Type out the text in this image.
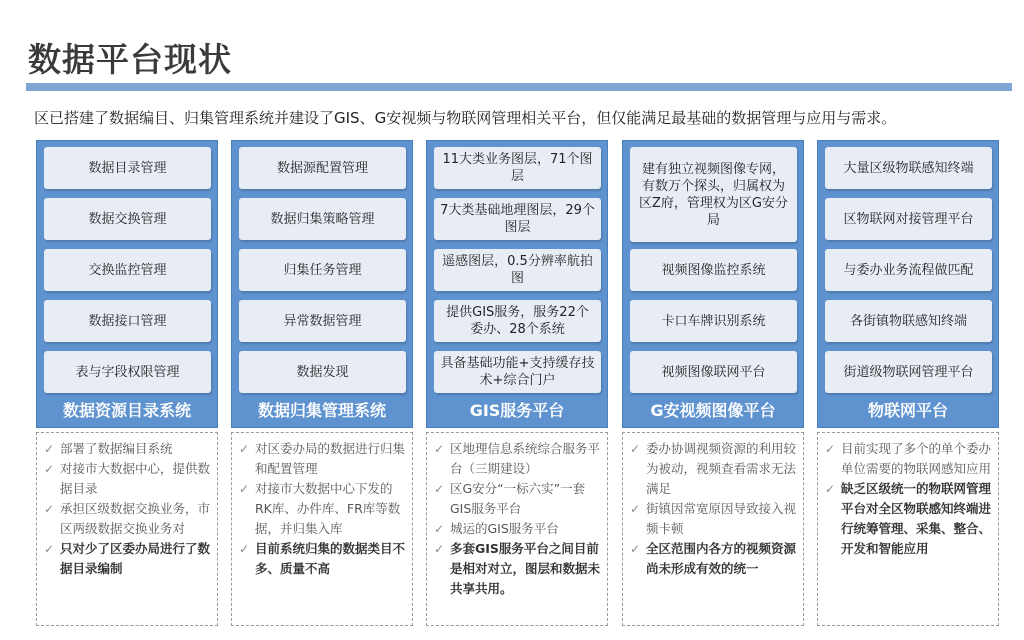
数据平台现状
区已搭建了数据编目、归集管理系统并建设了GIS、G安视频与物联网管理相关平台，但仅能满足最基础的数据管理与应用与需求。
数据目录管理
数据交换管理
交换监控管理
数据接口管理
表与字段权限管理
数据资源目录系统
✓ 部署了数据编目系统
✓ 对接市大数据中心，提供数据目录
✓ 承担区级数据交换业务，市区两级数据交换业务对
✓ 只对少了区委办局进行了数据目录编制
数据源配置管理
数据归集策略管理
归集任务管理
异常数据管理
数据发现
数据归集管理系统
✓ 对区委办局的数据进行归集和配置管理
✓ 对接市大数据中心下发的RK库、办件库、FR库等数据，并归集入库
✓ 目前系统归集的数据类目不多、质量不高
11大类业务图层，71个图层
7大类基础地理图层，29个图层
遥感图层，0.5分辨率航拍图
提供GIS服务，服务22个委办、28个系统
具备基础功能+支持缓存技术+综合门户
GIS服务平台
✓ 区地理信息系统综合服务平台（三期建设）
✓ 区G安分“一标六实”一套GIS服务平台
✓ 城运的GIS服务平台
✓ 多套GIS服务平台之间目前是相对对立，图层和数据未共享共用。
建有独立视频图像专网，有数万个探头，归属权为区Z府，管理权为区G安分局
视频图像监控系统
卡口车牌识别系统
视频图像联网平台
G安视频图像平台
✓ 委办协调视频资源的利用较为被动，视频查看需求无法满足
✓ 街镇因常宽原因导致接入视频卡顿
✓ 全区范围内各方的视频资源尚未形成有效的统一
大量区级物联感知终端
区物联网对接管理平台
与委办业务流程做匹配
各街镇物联感知终端
街道级物联网管理平台
物联网平台
✓ 目前实现了多个的单个委办单位需要的物联网感知应用
✓ 缺乏区级统一的物联网管理平台对全区物联感知终端进行统筹管理、采集、整合、开发和智能应用
